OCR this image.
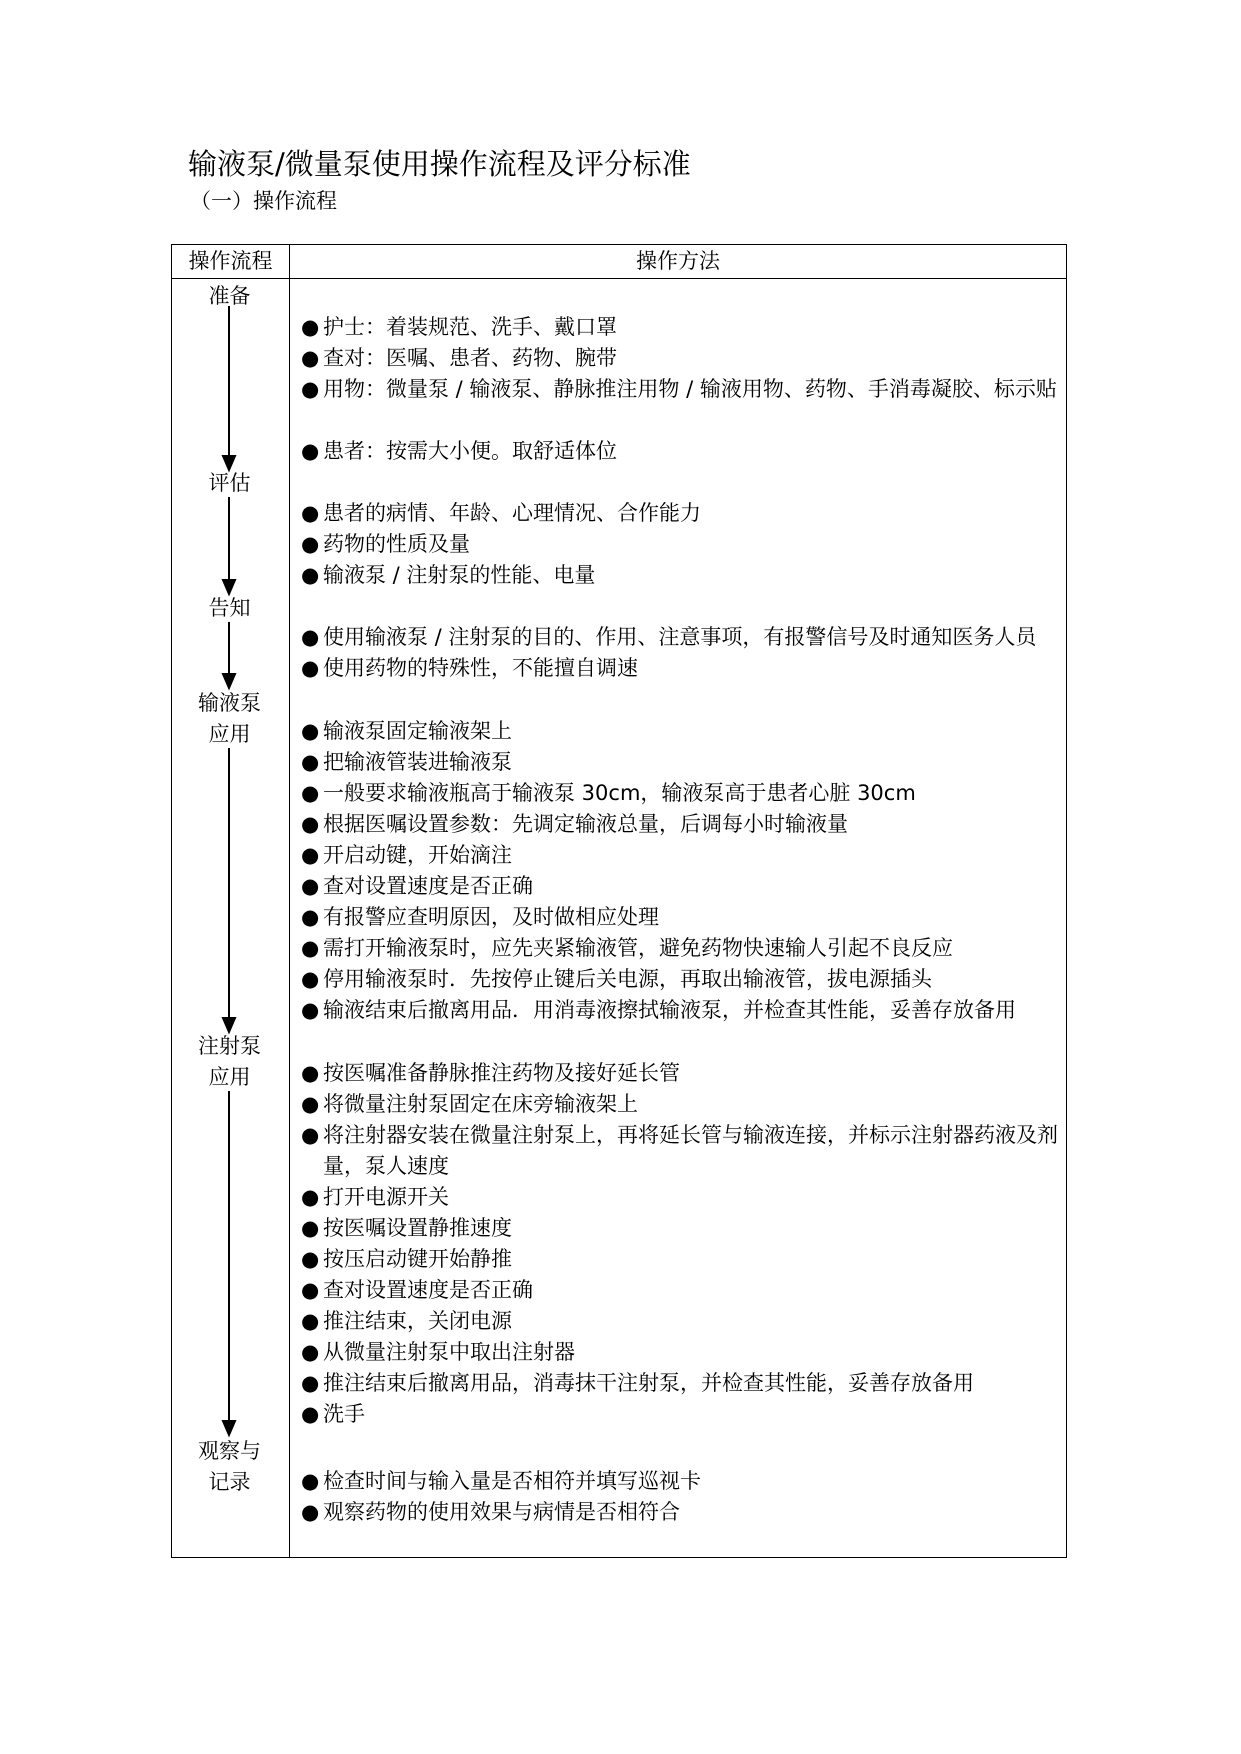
输液泵/微量泵使用操作流程及评分标准
（一）操作流程
操作流程	操作方法
准备
评估
告知
输液泵
应用
注射泵
应用
观察与
记录
● 护士：着装规范、洗手、戴口罩
● 查对：医嘱、患者、药物、腕带
● 用物：微量泵 / 输液泵、静脉推注用物 / 输液用物、药物、手消毒凝胶、标示贴
● 患者：按需大小便。取舒适体位
● 患者的病情、年龄、心理情况、合作能力
● 药物的性质及量
● 输液泵 / 注射泵的性能、电量
● 使用输液泵 / 注射泵的目的、作用、注意事项，有报警信号及时通知医务人员
● 使用药物的特殊性，不能擅自调速
● 输液泵固定输液架上
● 把输液管装进输液泵
● 一般要求输液瓶高于输液泵 30cm，输液泵高于患者心脏 30cm
● 根据医嘱设置参数：先调定输液总量，后调每小时输液量
● 开启动键，开始滴注
● 查对设置速度是否正确
● 有报警应查明原因，及时做相应处理
● 需打开输液泵时，应先夹紧输液管，避免药物快速输人引起不良反应
● 停用输液泵时．先按停止键后关电源，再取出输液管，拔电源插头
● 输液结束后撤离用品．用消毒液擦拭输液泵，并检查其性能，妥善存放备用
● 按医嘱准备静脉推注药物及接好延长管
● 将微量注射泵固定在床旁输液架上
● 将注射器安装在微量注射泵上，再将延长管与输液连接，并标示注射器药液及剂量，泵人速度
● 打开电源开关
● 按医嘱设置静推速度
● 按压启动键开始静推
● 查对设置速度是否正确
● 推注结束，关闭电源
● 从微量注射泵中取出注射器
● 推注结束后撤离用品，消毒抹干注射泵，并检查其性能，妥善存放备用
● 洗手
● 检查时间与输入量是否相符并填写巡视卡
● 观察药物的使用效果与病情是否相符合
